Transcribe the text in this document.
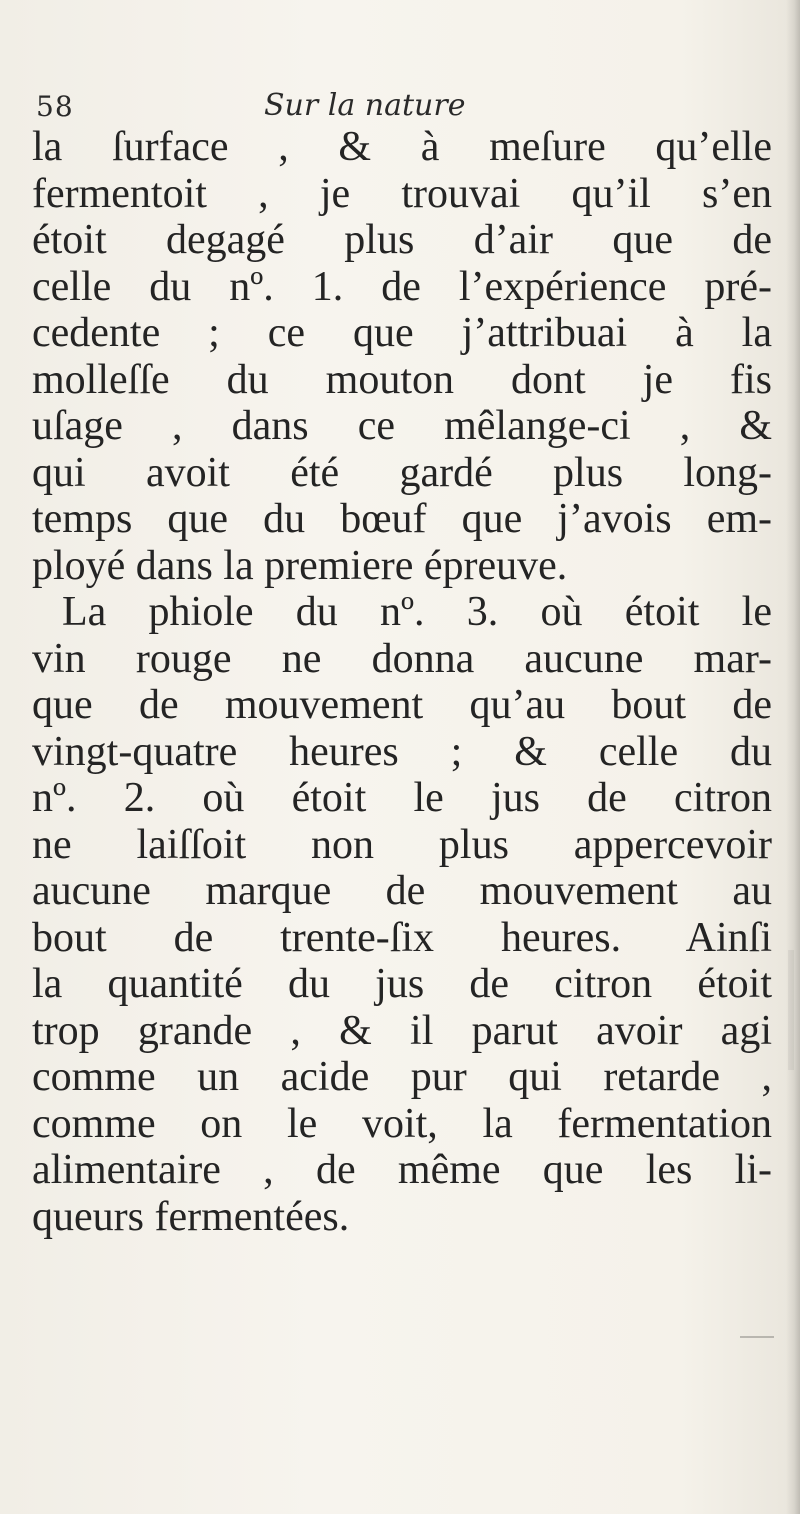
58	Sur la nature
la ſurface , & à meſure qu’elle
fermentoit , je trouvai qu’il s’en
étoit degagé plus d’air que de
celle du nº. 1. de l’expérience pré-
cedente ; ce que j’attribuai à la
molleſſe du mouton dont je fis
uſage , dans ce mêlange-ci , &
qui avoit été gardé plus long-
temps que du bœuf que j’avois em-
ployé dans la premiere épreuve.
La phiole du nº. 3. où étoit le
vin rouge ne donna aucune mar-
que de mouvement qu’au bout de
vingt-quatre heures ; & celle du
nº. 2. où étoit le jus de citron
ne laiſſoit non plus appercevoir
aucune marque de mouvement au
bout de trente-ſix heures. Ainſi
la quantité du jus de citron étoit
trop grande , & il parut avoir agi
comme un acide pur qui retarde ,
comme on le voit, la fermentation
alimentaire , de même que les li-
queurs fermentées.
